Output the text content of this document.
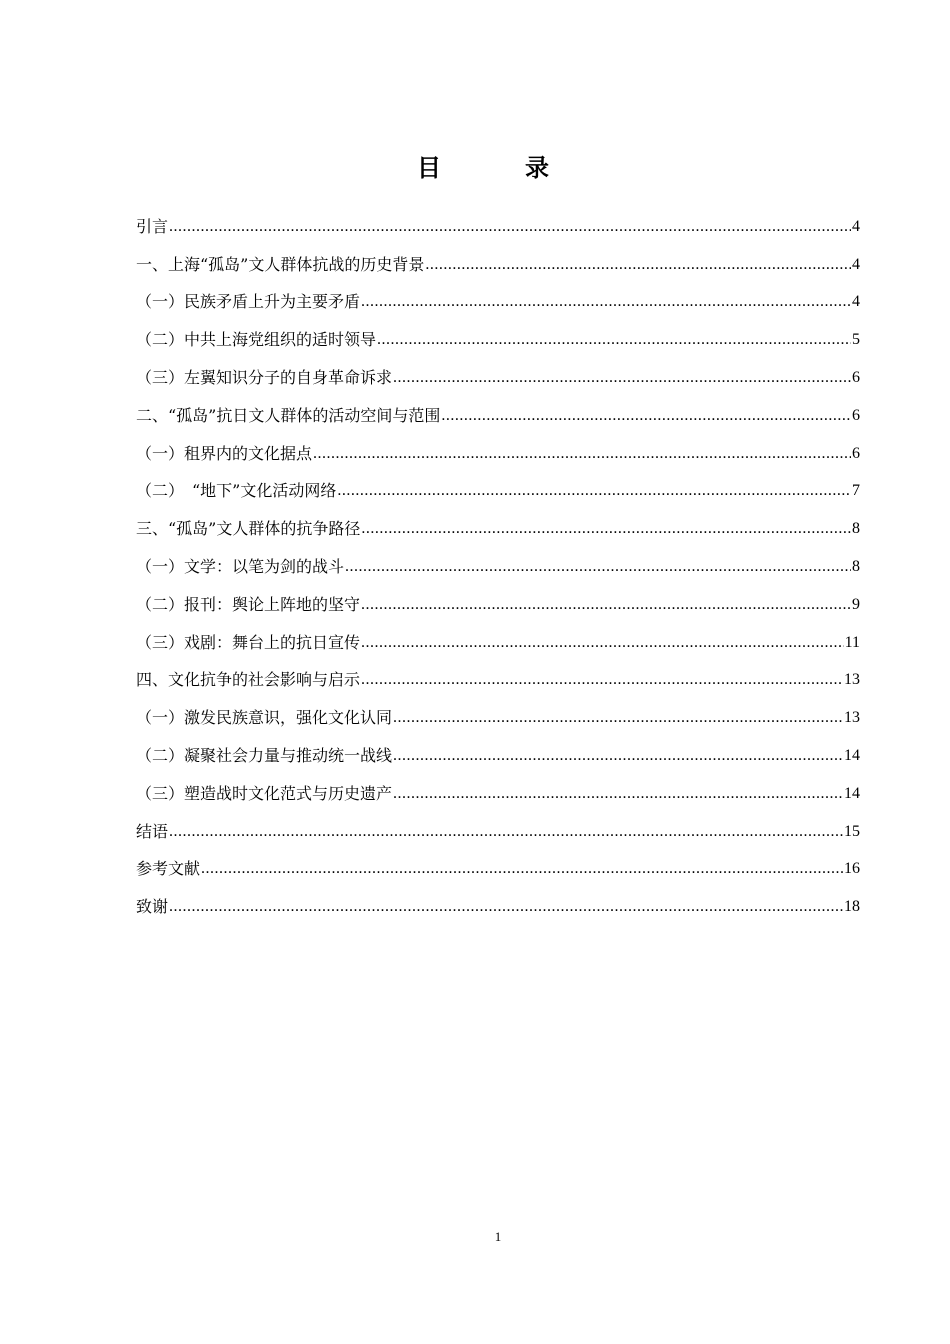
目　录
引言 .....	4
一、上海“孤岛”文人群体抗战的历史背景 .....	4
（一）民族矛盾上升为主要矛盾 .....	4
（二）中共上海党组织的适时领导 .....	5
（三）左翼知识分子的自身革命诉求 .....	6
二、“孤岛”抗日文人群体的活动空间与范围 .....	6
（一）租界内的文化据点 .....	6
（二）　“地下”文化活动网络 .....	7
三、“孤岛”文人群体的抗争路径 .....	8
（一）文学：以笔为剑的战斗 .....	8
（二）报刊：舆论上阵地的坚守 .....	9
（三）戏剧：舞台上的抗日宣传 .....	11
四、文化抗争的社会影响与启示 .....	13
（一）激发民族意识，强化文化认同 .....	13
（二）凝聚社会力量与推动统一战线 .....	14
（三）塑造战时文化范式与历史遗产 .....	14
结语 .....	15
参考文献 .....	16
致谢 .....	18
1
